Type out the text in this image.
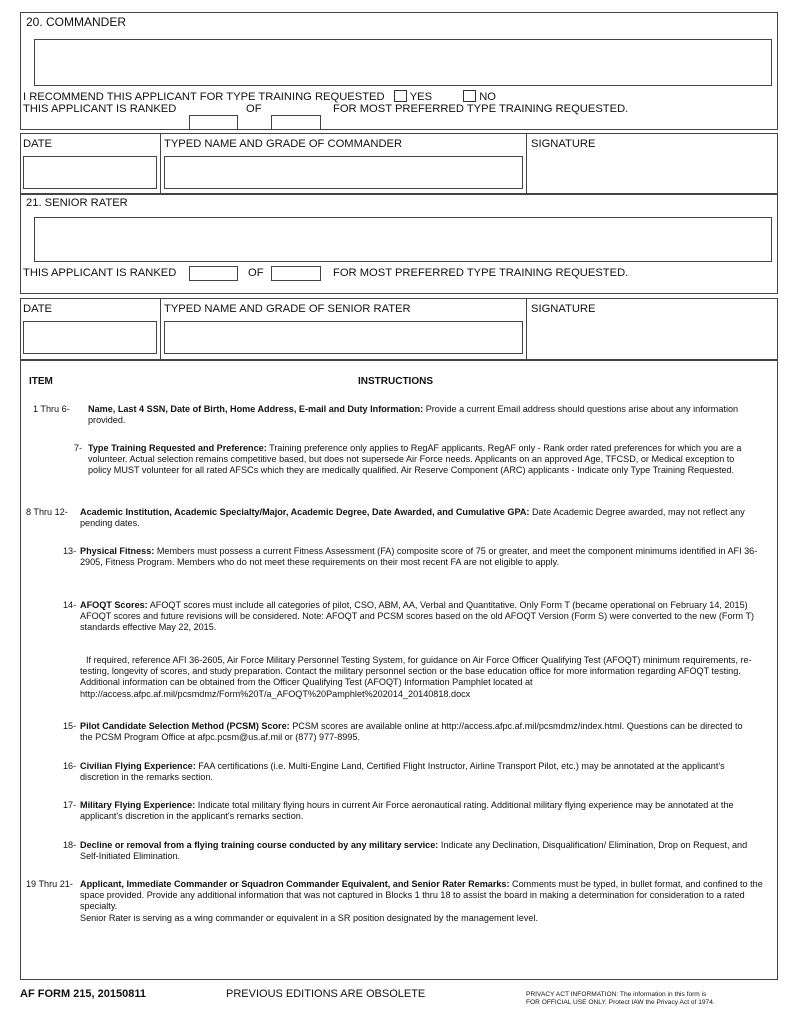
20. COMMANDER
I RECOMMEND THIS APPLICANT FOR TYPE TRAINING REQUESTED YES	NO
THIS APPLICANT IS RANKED	OF	FOR MOST PREFERRED TYPE TRAINING REQUESTED.
DATE	TYPED NAME AND GRADE OF COMMANDER	SIGNATURE
21. SENIOR RATER
THIS APPLICANT IS RANKED	OF	FOR MOST PREFERRED TYPE TRAINING REQUESTED.
DATE	TYPED NAME AND GRADE OF SENIOR RATER	SIGNATURE
ITEM	INSTRUCTIONS
1 Thru 6- Name, Last 4 SSN, Date of Birth, Home Address, E-mail and Duty Information: Provide a current Email address should questions arise about any information provided.
7- Type Training Requested and Preference: Training preference only applies to RegAF applicants. RegAF only - Rank order rated preferences for which you are a volunteer. Actual selection remains competitive based, but does not supersede Air Force needs. Applicants on an approved Age, TFCSD, or Medical exception to policy MUST volunteer for all rated AFSCs which they are medically qualified. Air Reserve Component (ARC) applicants - Indicate only Type Training Requested.
8 Thru 12- Academic Institution, Academic Specialty/Major, Academic Degree, Date Awarded, and Cumulative GPA: Date Academic Degree awarded, may not reflect any pending dates.
13- Physical Fitness: Members must possess a current Fitness Assessment (FA) composite score of 75 or greater, and meet the component minimums identified in AFI 36-2905, Fitness Program. Members who do not meet these requirements on their most recent FA are not eligible to apply.
14- AFOQT Scores: AFOQT scores must include all categories of pilot, CSO, ABM, AA, Verbal and Quantitative. Only Form T (became operational on February 14, 2015) AFOQT scores and future revisions will be considered. Note: AFOQT and PCSM scores based on the old AFOQT Version (Form S) were converted to the new (Form T) standards effective May 22, 2015.
If required, reference AFI 36-2605, Air Force Military Personnel Testing System, for guidance on Air Force Officer Qualifying Test (AFOQT) minimum requirements, re-testing, longevity of scores, and study preparation. Contact the military personnel section or the base education office for more information regarding AFOQT testing. Additional information can be obtained from the Officer Qualifying Test (AFOQT) Information Pamphlet located at http://access.afpc.af.mil/pcsmdmz/Form%20T/a_AFOQT%20Pamphlet%202014_20140818.docx
15- Pilot Candidate Selection Method (PCSM) Score: PCSM scores are available online at http://access.afpc.af.mil/pcsmdmz/index.html. Questions can be directed to the PCSM Program Office at afpc.pcsm@us.af.mil or (877) 977-8995.
16- Civilian Flying Experience: FAA certifications (i.e. Multi-Engine Land, Certified Flight Instructor, Airline Transport Pilot, etc.) may be annotated at the applicant's discretion in the remarks section.
17- Military Flying Experience: Indicate total military flying hours in current Air Force aeronautical rating. Additional military flying experience may be annotated at the applicant's discretion in the applicant's remarks section.
18- Decline or removal from a flying training course conducted by any military service: Indicate any Declination, Disqualification/ Elimination, Drop on Request, and Self-Initiated Elimination.
19 Thru 21- Applicant, Immediate Commander or Squadron Commander Equivalent, and Senior Rater Remarks: Comments must be typed, in bullet format, and confined to the space provided. Provide any additional information that was not captured in Blocks 1 thru 18 to assist the board in making a determination for consideration to a rated specialty.
Senior Rater is serving as a wing commander or equivalent in a SR position designated by the management level.
AF FORM 215, 20150811	PREVIOUS EDITIONS ARE OBSOLETE	PRIVACY ACT INFORMATION: The information in this form is
FOR OFFICIAL USE ONLY. Protect IAW the Privacy Act of 1974.
